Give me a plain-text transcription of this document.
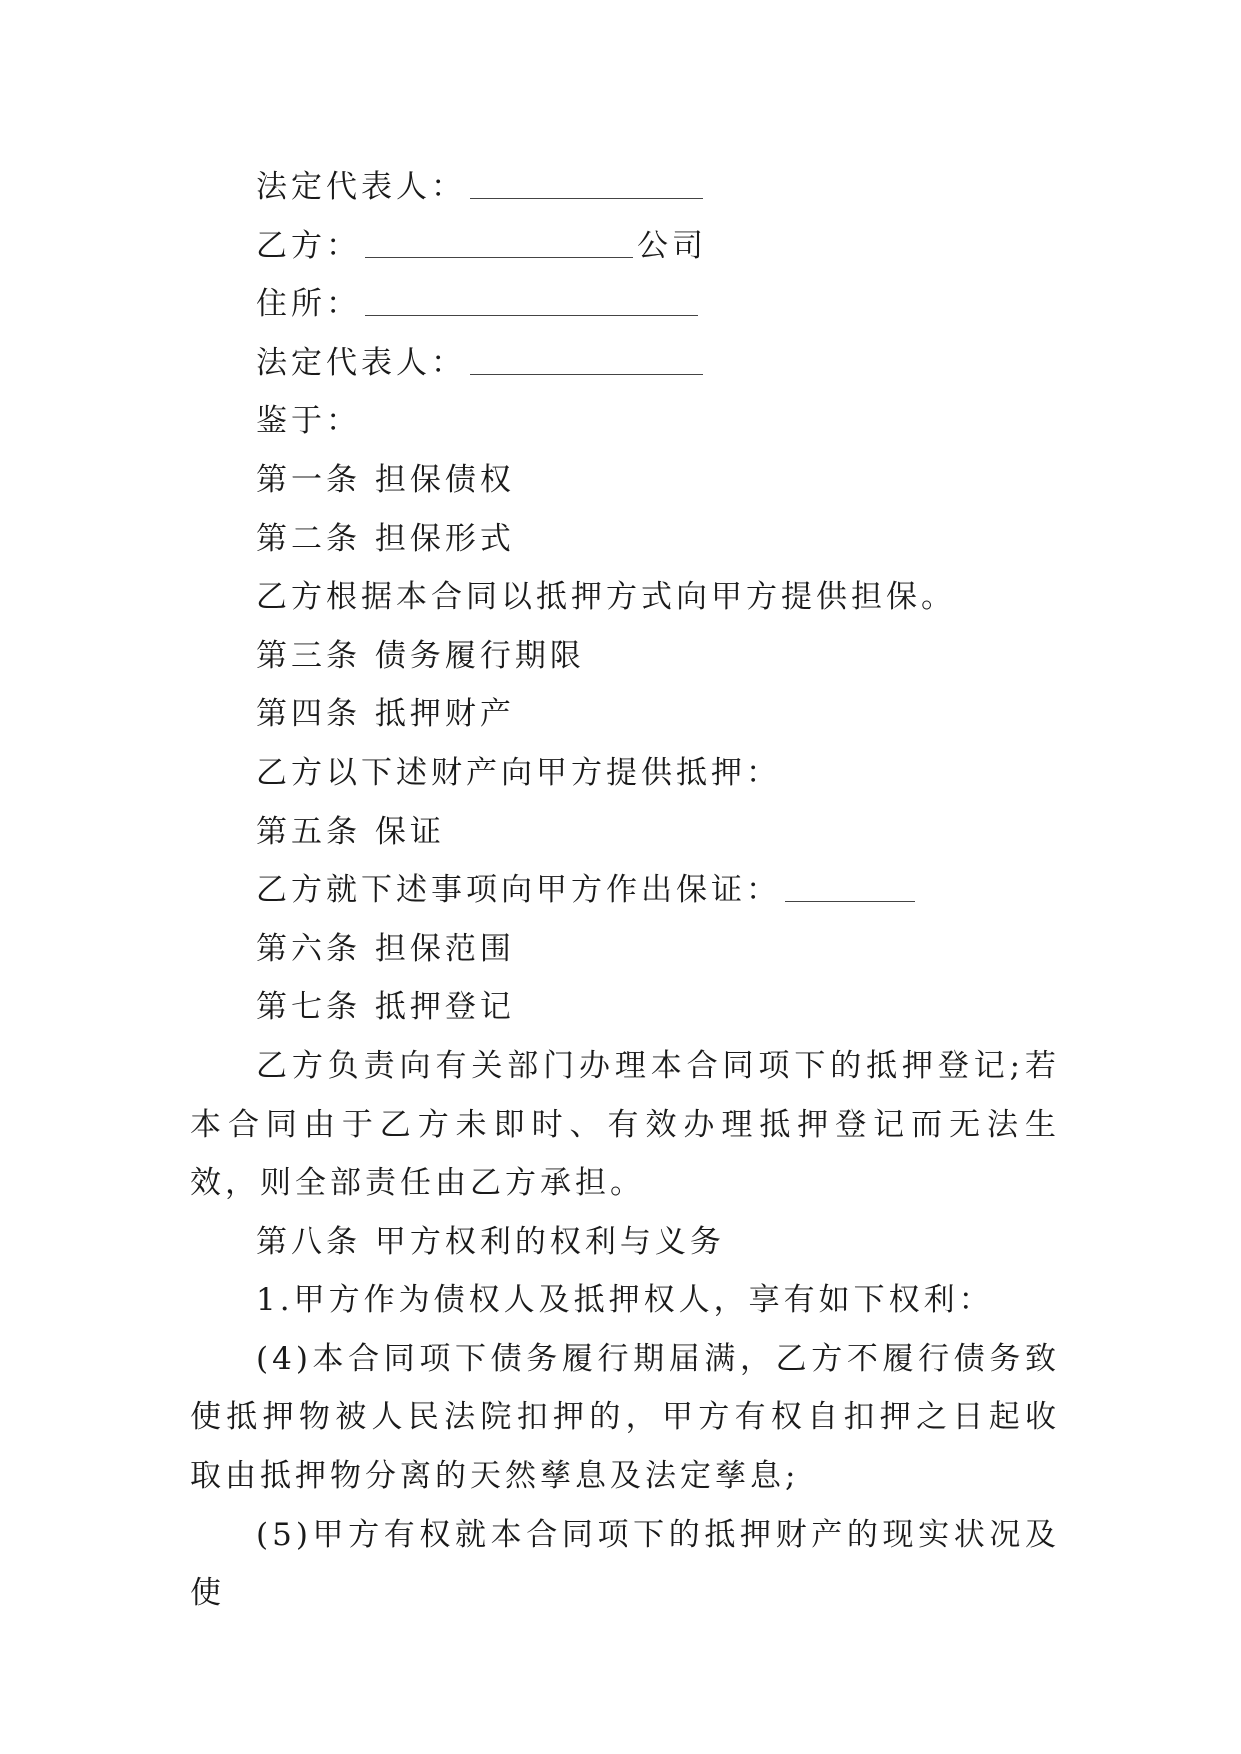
法定代表人：
乙方：	公司
住所：
法定代表人：
鉴于：
第一条 担保债权
第二条 担保形式
乙方根据本合同以抵押方式向甲方提供担保。
第三条 债务履行期限
第四条 抵押财产
乙方以下述财产向甲方提供抵押：
第五条 保证
乙方就下述事项向甲方作出保证：
第六条 担保范围
第七条 抵押登记
乙方负责向有关部门办理本合同项下的抵押登记;若本合同由于乙方未即时、有效办理抵押登记而无法生效，则全部责任由乙方承担。
第八条 甲方权利的权利与义务
1.甲方作为债权人及抵押权人，享有如下权利：
(4)本合同项下债务履行期届满，乙方不履行债务致使抵押物被人民法院扣押的，甲方有权自扣押之日起收取由抵押物分离的天然孳息及法定孳息;
(5)甲方有权就本合同项下的抵押财产的现实状况及使
